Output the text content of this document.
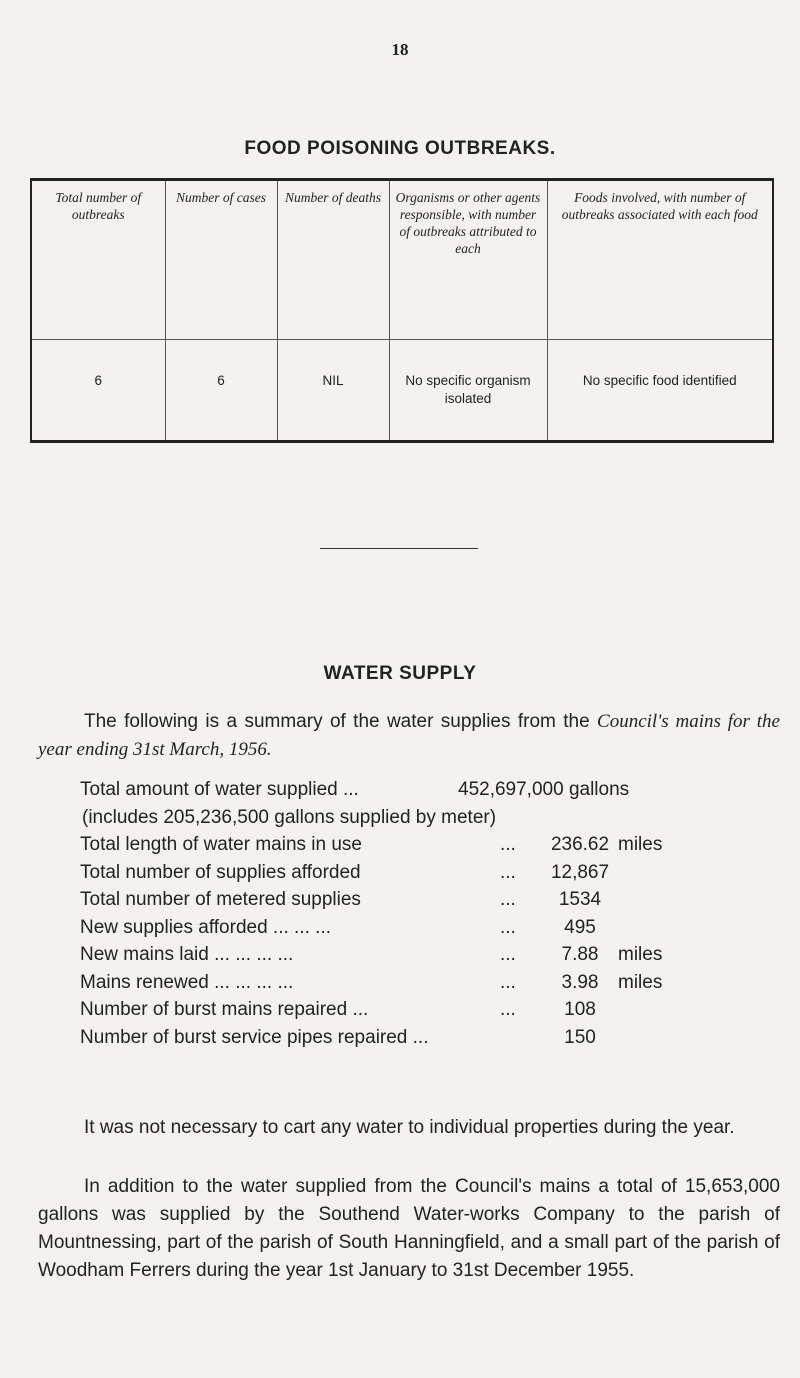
18
FOOD POISONING OUTBREAKS.
Total number of outbreaks	Number of cases	Number of deaths	Organisms or other agents responsible, with number of outbreaks attributed to each	Foods involved, with number of outbreaks associated with each food
6	6	NIL	No specific organism isolated	No specific food identified
WATER SUPPLY
The following is a summary of the water supplies from the Council's mains for the year ending 31st March, 1956.
Total amount of water supplied ...	452,697,000 gallons
(includes 205,236,500 gallons supplied by meter)
Total length of water mains in use	...	236.62 miles
Total number of supplies afforded	...	12,867
Total number of metered supplies	...	1534
New supplies afforded ... ... ...	...	495
New mains laid ... ... ... ...	...	7.88 miles
Mains renewed ... ... ... ...	...	3.98 miles
Number of burst mains repaired ...	...	108
Number of burst service pipes repaired ...	150
It was not necessary to cart any water to individual properties during the year.
In addition to the water supplied from the Council's mains a total of 15,653,000 gallons was supplied by the Southend Water-works Company to the parish of Mountnessing, part of the parish of South Hanningfield, and a small part of the parish of Woodham Ferrers during the year 1st January to 31st December 1955.
